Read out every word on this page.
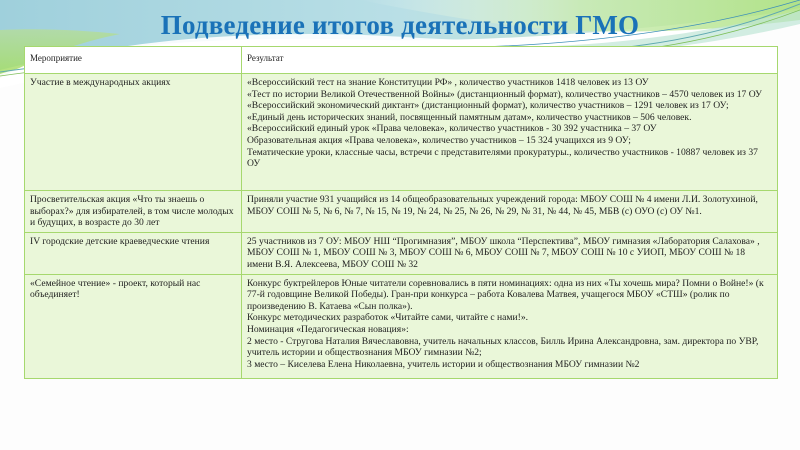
Подведение итогов деятельности ГМО
Мероприятие	Результат
Участие в международных акциях	«Всероссийский тест на знание Конституции РФ» , количество участников 1418 человек из 13 ОУ
«Тест по истории Великой Отечественной Войны» (дистанционный формат), количество участников – 4570 человек из 17 ОУ
«Всероссийский экономический диктант» (дистанционный формат), количество участников – 1291 человек из 17 ОУ;
«Единый день исторических знаний, посвященный памятным датам», количество участников – 506 человек.
«Всероссийский единый урок «Права человека», количество участников - 30 392 участника – 37 ОУ
Образовательная акция «Права человека», количество участников – 15 324 учащихся из 9 ОУ;
Тематические уроки, классные часы, встречи с представителями прокуратуры., количество участников - 10887 человек из 37 ОУ

Просветительская акция «Что ты знаешь о выборах?» для избирателей, в том числе молодых и будущих, в возрасте до 30 лет	Приняли участие 931 учащийся из 14 общеобразовательных учреждений города: МБОУ СОШ № 4 имени Л.И. Золотухиной, МБОУ СОШ № 5, № 6, № 7, № 15, № 19, № 24, № 25, № 26, № 29, № 31, № 44, № 45, МБВ (с) ОУО (с) ОУ №1.

IV городские детские краеведческие чтения	25 участников из 7 ОУ: МБОУ НШ “Прогимназия”, МБОУ школа “Перспектива”, МБОУ гимназия «Лаборатория Салахова» , МБОУ СОШ № 1, МБОУ СОШ № 3, МБОУ СОШ № 6, МБОУ СОШ № 7, МБОУ СОШ № 10 с УИОП, МБОУ СОШ № 18 имени В.Я. Алексеева, МБОУ СОШ № 32

«Семейное чтение» - проект, который нас объединяет!	Конкурс буктрейлеров Юные читатели соревновались в пяти номинациях: одна из них «Ты хочешь мира? Помни о Войне!» (к 77-й годовщине Великой Победы). Гран-при конкурса – работа Ковалева Матвея, учащегося МБОУ «СТШ» (ролик по произведению В. Катаева «Сын полка»).
Конкурс методических разработок «Читайте сами, читайте с нами!».
Номинация «Педагогическая новация»:
2 место - Стругова Наталия Вячеславовна, учитель начальных классов, Билль Ирина Александровна, зам. директора по УВР, учитель истории и обществознания МБОУ гимназии №2;
3 место – Киселева Елена Николаевна, учитель истории и обществознания МБОУ гимназии №2
